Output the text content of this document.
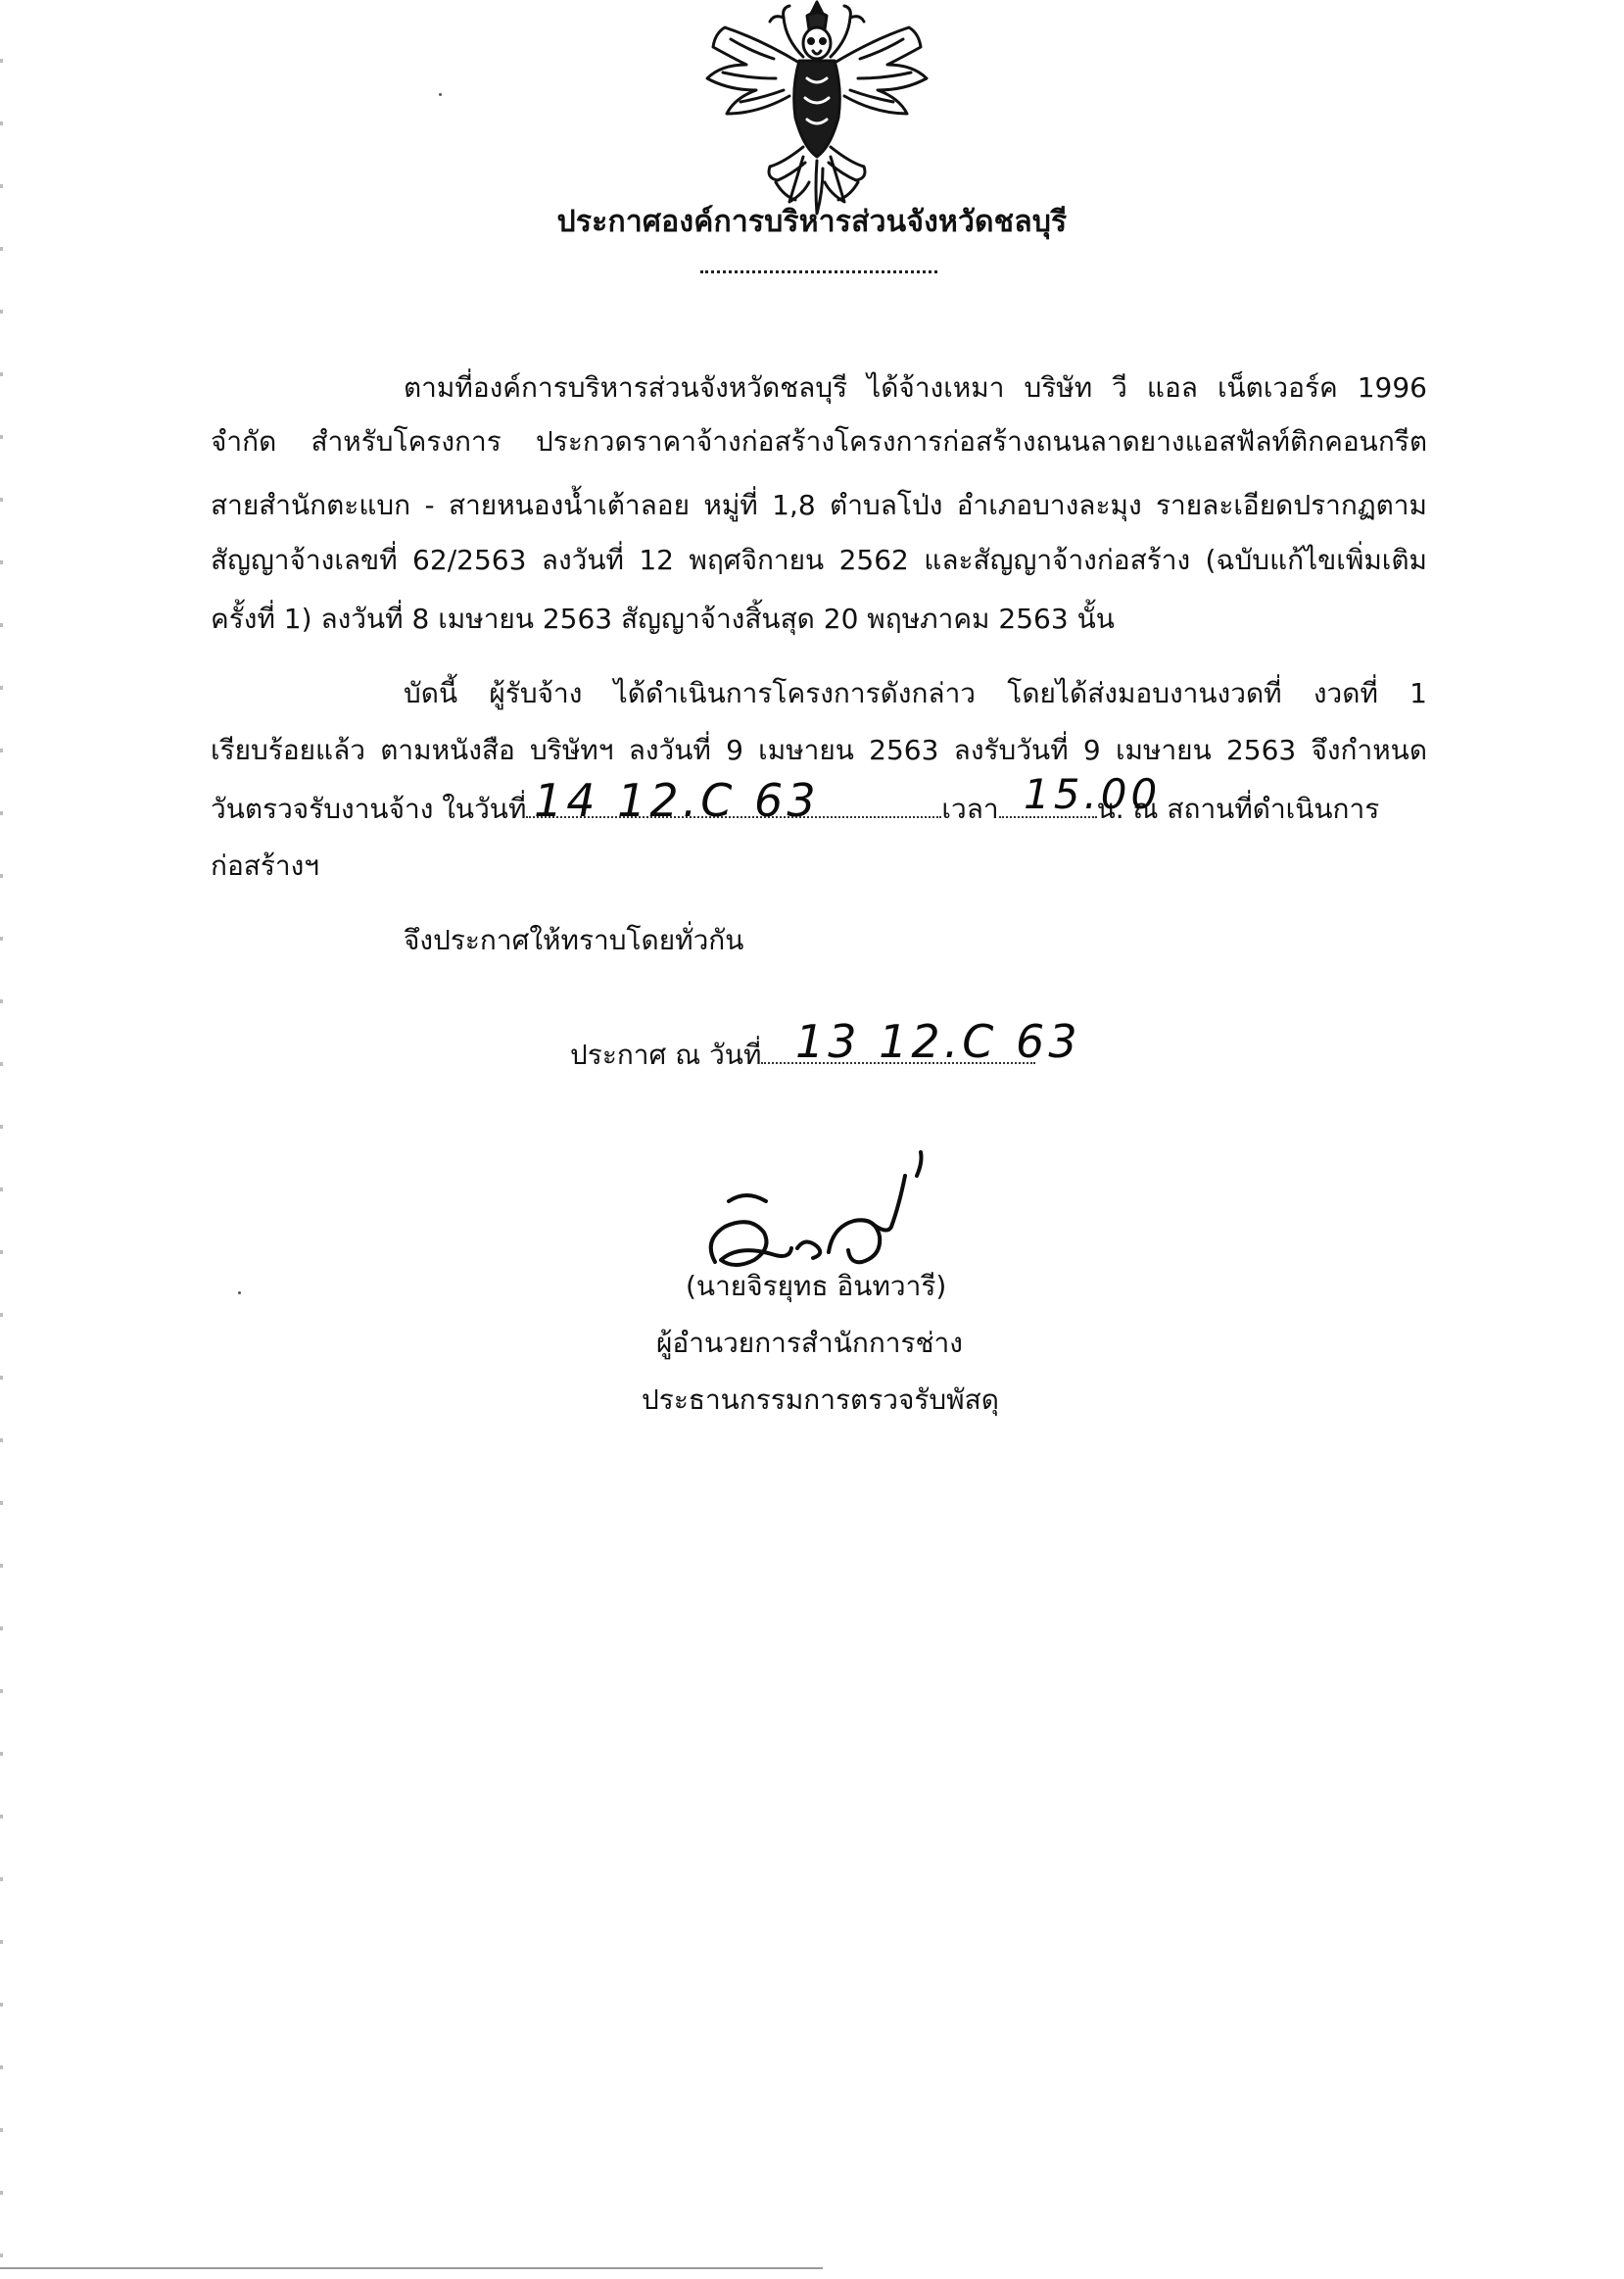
ประกาศองค์การบริหารส่วนจังหวัดชลบุรี
ตามที่องค์การบริหารส่วนจังหวัดชลบุรี ได้จ้างเหมา บริษัท วี แอล เน็ตเวอร์ค 1996
จำกัด สำหรับโครงการ ประกวดราคาจ้างก่อสร้างโครงการก่อสร้างถนนลาดยางแอสฟัลท์ติกคอนกรีต
สายสำนักตะแบก - สายหนองน้ำเต้าลอย หมู่ที่ 1,8 ตำบลโป่ง อำเภอบางละมุง รายละเอียดปรากฏตาม
สัญญาจ้างเลขที่ 62/2563 ลงวันที่ 12 พฤศจิกายน 2562 และสัญญาจ้างก่อสร้าง (ฉบับแก้ไขเพิ่มเติม
ครั้งที่ 1) ลงวันที่ 8 เมษายน 2563 สัญญาจ้างสิ้นสุด 20 พฤษภาคม 2563 นั้น
บัดนี้ ผู้รับจ้าง ได้ดำเนินการโครงการดังกล่าว โดยได้ส่งมอบงานงวดที่ งวดที่ 1
เรียบร้อยแล้ว ตามหนังสือ บริษัทฯ ลงวันที่ 9 เมษายน 2563 ลงรับวันที่ 9 เมษายน 2563 จึงกำหนด
วันตรวจรับงานจ้าง ในวันที่	เวลา	น. ณ สถานที่ดำเนินการ
14 12.C 63	15.00
ก่อสร้างฯ
จึงประกาศให้ทราบโดยทั่วกัน
ประกาศ ณ วันที่ 13 12.C 63
(นายจิรยุทธ อินทวารี)
ผู้อำนวยการสำนักการช่าง
ประธานกรรมการตรวจรับพัสดุ
